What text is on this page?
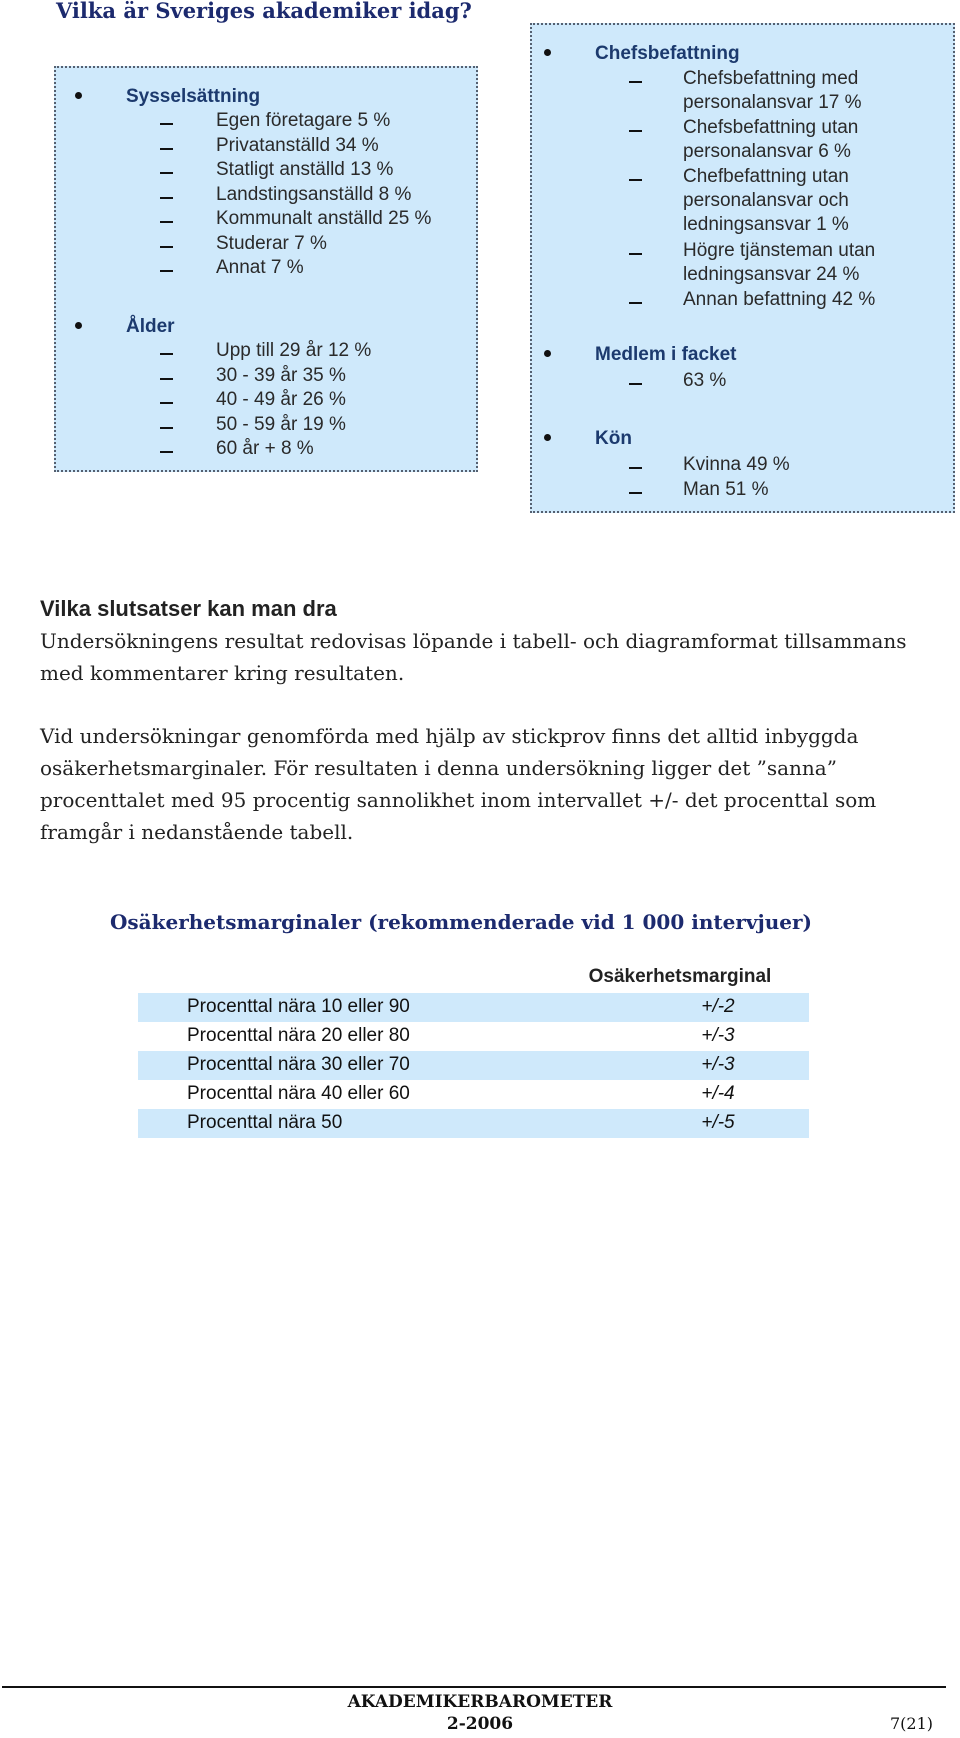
Vilka är Sveriges akademiker idag?
Sysselsättning
Egen företagare 5 %
Privatanställd 34 %
Statligt anställd 13 %
Landstingsanställd 8 %
Kommunalt anställd 25 %
Studerar 7 %
Annat 7 %
Ålder
Upp till 29 år 12 %
30 - 39 år 35 %
40 - 49 år 26 %
50 - 59 år 19 %
60 år + 8 %
Chefsbefattning
Chefsbefattning med
personalansvar 17 %
Chefsbefattning utan
personalansvar 6 %
Chefbefattning utan
personalansvar och
ledningsansvar 1 %
Högre tjänsteman utan
ledningsansvar 24 %
Annan befattning 42 %
Medlem i facket
63 %
Kön
Kvinna 49 %
Man 51 %
Vilka slutsatser kan man dra

Undersökningens resultat redovisas löpande i tabell- och diagramformat tillsammans med kommentarer kring resultaten.

Vid undersökningar genomförda med hjälp av stickprov finns det alltid inbyggda osäkerhetsmarginaler. För resultaten i denna undersökning ligger det ”sanna” procenttalet med 95 procentig sannolikhet inom intervallet +/- det procenttal som framgår i nedanstående tabell.

Osäkerhetsmarginaler (rekommenderade vid 1 000 intervjuer)
Osäkerhetsmarginal
Procenttal nära 10 eller 90	+/-2
Procenttal nära 20 eller 80	+/-3
Procenttal nära 30 eller 70	+/-3
Procenttal nära 40 eller 60	+/-4
Procenttal nära 50	+/-5
AKADEMIKERBAROMETER
2-2006	7(21)
